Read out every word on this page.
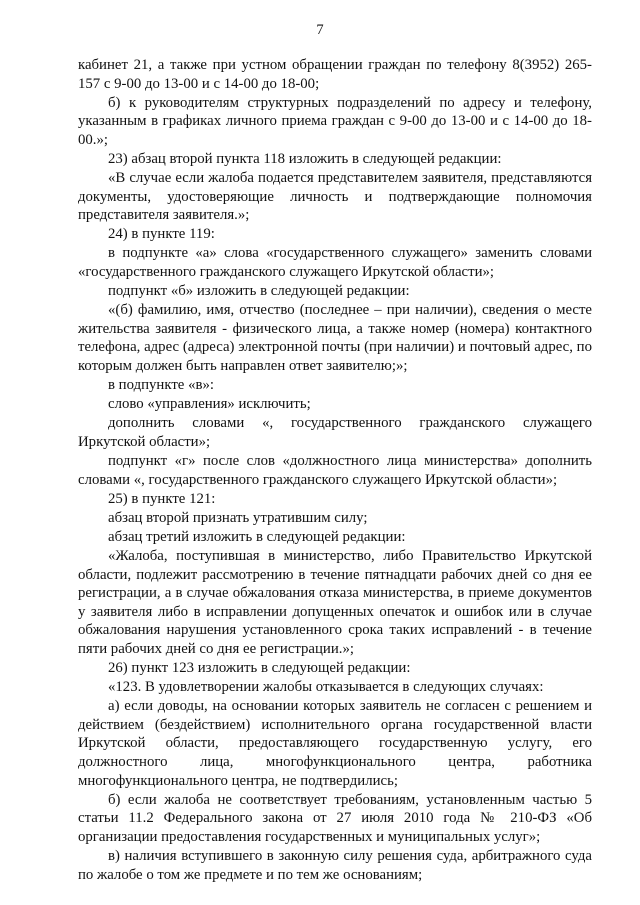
7

кабинет 21, а также при устном обращении граждан по телефону 8(3952) 265- 157 с 9-00 до 13-00 и с 14-00 до 18-00;

б) к руководителям структурных подразделений по адресу и телефону, указанным в графиках личного приема граждан с 9-00 до 13-00 и с 14-00 до 18-00.»;

23) абзац второй пункта 118 изложить в следующей редакции:

«В случае если жалоба подается представителем заявителя, представляются документы, удостоверяющие личность и подтверждающие полномочия представителя заявителя.»;

24) в пункте 119:

в подпункте «а» слова «государственного служащего» заменить словами «государственного гражданского служащего Иркутской области»;

подпункт «б» изложить в следующей редакции:

«(б) фамилию, имя, отчество (последнее – при наличии), сведения о месте жительства заявителя - физического лица, а также номер (номера) контактного телефона, адрес (адреса) электронной почты (при наличии) и почтовый адрес, по которым должен быть направлен ответ заявителю;»;

в подпункте «в»:

слово «управления» исключить;

дополнить словами «, государственного гражданского служащего Иркутской области»;

подпункт «г» после слов «должностного лица министерства» дополнить словами «, государственного гражданского служащего Иркутской области»;

25) в пункте 121:

абзац второй признать утратившим силу;

абзац третий изложить в следующей редакции:

«Жалоба, поступившая в министерство, либо Правительство Иркутской области, подлежит рассмотрению в течение пятнадцати рабочих дней со дня ее регистрации, а в случае обжалования отказа министерства, в приеме документов у заявителя либо в исправлении допущенных опечаток и ошибок или в случае обжалования нарушения установленного срока таких исправлений - в течение пяти рабочих дней со дня ее регистрации.»;

26) пункт 123 изложить в следующей редакции:

«123. В удовлетворении жалобы отказывается в следующих случаях:

а) если доводы, на основании которых заявитель не согласен с решением и действием (бездействием) исполнительного органа государственной власти Иркутской области, предоставляющего государственную услугу, его должностного лица, многофункционального центра, работника многофункционального центра, не подтвердились;

б) если жалоба не соответствует требованиям, установленным частью 5 статьи 11.2 Федерального закона от 27 июля 2010 года № 210-ФЗ «Об организации предоставления государственных и муниципальных услуг»;

в) наличия вступившего в законную силу решения суда, арбитражного суда по жалобе о том же предмете и по тем же основаниям;
